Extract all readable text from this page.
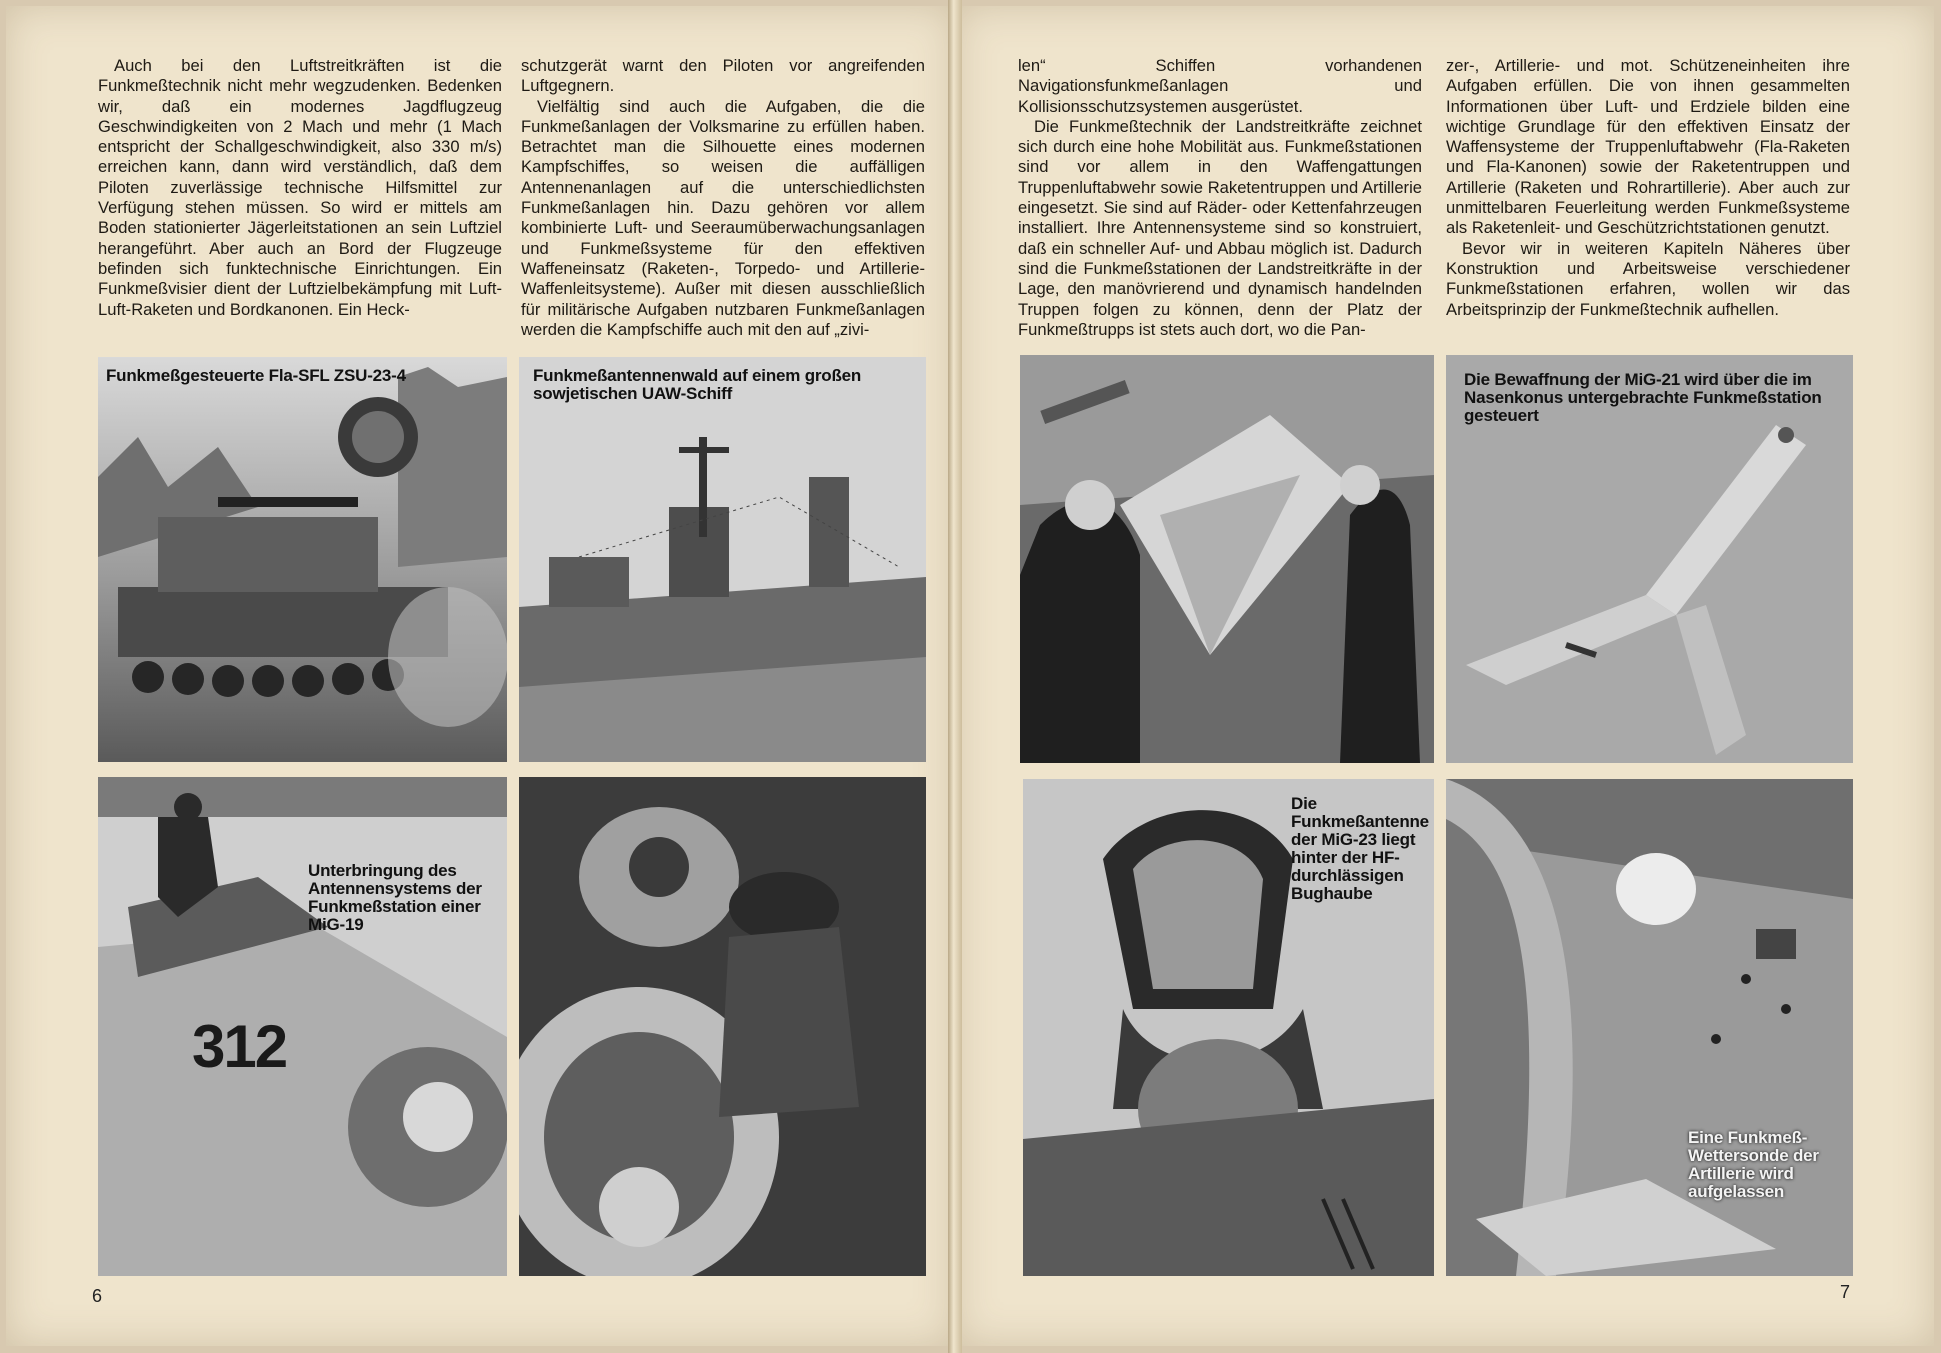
Auch bei den Luftstreitkräften ist die Funkmeßtechnik nicht mehr wegzudenken. Bedenken wir, daß ein modernes Jagdflugzeug Geschwindigkeiten von 2 Mach und mehr (1 Mach entspricht der Schallgeschwindigkeit, also 330 m/s) erreichen kann, dann wird verständlich, daß dem Piloten zuverlässige technische Hilfsmittel zur Verfügung stehen müssen. So wird er mittels am Boden stationierter Jägerleitstationen an sein Luftziel herangeführt. Aber auch an Bord der Flugzeuge befinden sich funktechnische Einrichtungen. Ein Funkmeßvisier dient der Luftzielbekämpfung mit Luft-Luft-Raketen und Bordkanonen. Ein Heck-

schutzgerät warnt den Piloten vor angreifenden Luftgegnern.

Vielfältig sind auch die Aufgaben, die die Funkmeßanlagen der Volksmarine zu erfüllen haben. Betrachtet man die Silhouette eines modernen Kampfschiffes, so weisen die auffälligen Antennenanlagen auf die unterschiedlichsten Funkmeßanlagen hin. Dazu gehören vor allem kombinierte Luft- und Seeraumüberwachungsanlagen und Funkmeßsysteme für den effektiven Waffeneinsatz (Raketen-, Torpedo- und Artillerie-Waffenleitsysteme). Außer mit diesen ausschließlich für militärische Aufgaben nutzbaren Funkmeßanlagen werden die Kampfschiffe auch mit den auf „zivi-

len“ Schiffen vorhandenen Navigationsfunkmeßanlagen und Kollisionsschutzsystemen ausgerüstet.

Die Funkmeßtechnik der Landstreitkräfte zeichnet sich durch eine hohe Mobilität aus. Funkmeßstationen sind vor allem in den Waffengattungen Truppenluftabwehr sowie Raketentruppen und Artillerie eingesetzt. Sie sind auf Räder- oder Kettenfahrzeugen installiert. Ihre Antennensysteme sind so konstruiert, daß ein schneller Auf- und Abbau möglich ist. Dadurch sind die Funkmeßstationen der Landstreitkräfte in der Lage, den manövrierend und dynamisch handelnden Truppen folgen zu können, denn der Platz der Funkmeßtrupps ist stets auch dort, wo die Pan-

zer-, Artillerie- und mot. Schützeneinheiten ihre Aufgaben erfüllen. Die von ihnen gesammelten Informationen über Luft- und Erdziele bilden eine wichtige Grundlage für den effektiven Einsatz der Waffensysteme der Truppenluftabwehr (Fla-Raketen und Fla-Kanonen) sowie der Raketentruppen und Artillerie (Raketen und Rohrartillerie). Aber auch zur unmittelbaren Feuerleitung werden Funkmeßsysteme als Raketenleit- und Geschützrichtstationen genutzt.

Bevor wir in weiteren Kapiteln Näheres über Konstruktion und Arbeitsweise verschiedener Funkmeßstationen erfahren, wollen wir das Arbeitsprinzip der Funkmeßtechnik aufhellen.

Funkmeßgesteuerte Fla-SFL ZSU-23-4	Funkmeßantennenwald auf einem großen sowjetischen UAW-Schiff
312
Unterbringung des Antennensystems der Funkmeßstation einer MiG-19
6
Die Bewaffnung der MiG-21 wird über die im Nasenkonus untergebrachte Funkmeßstation gesteuert
Die Funkmeßantenne der MiG-23 liegt hinter der HF-durchlässigen Bughaube
Eine Funkmeß-Wettersonde der Artillerie wird aufgelassen
7
